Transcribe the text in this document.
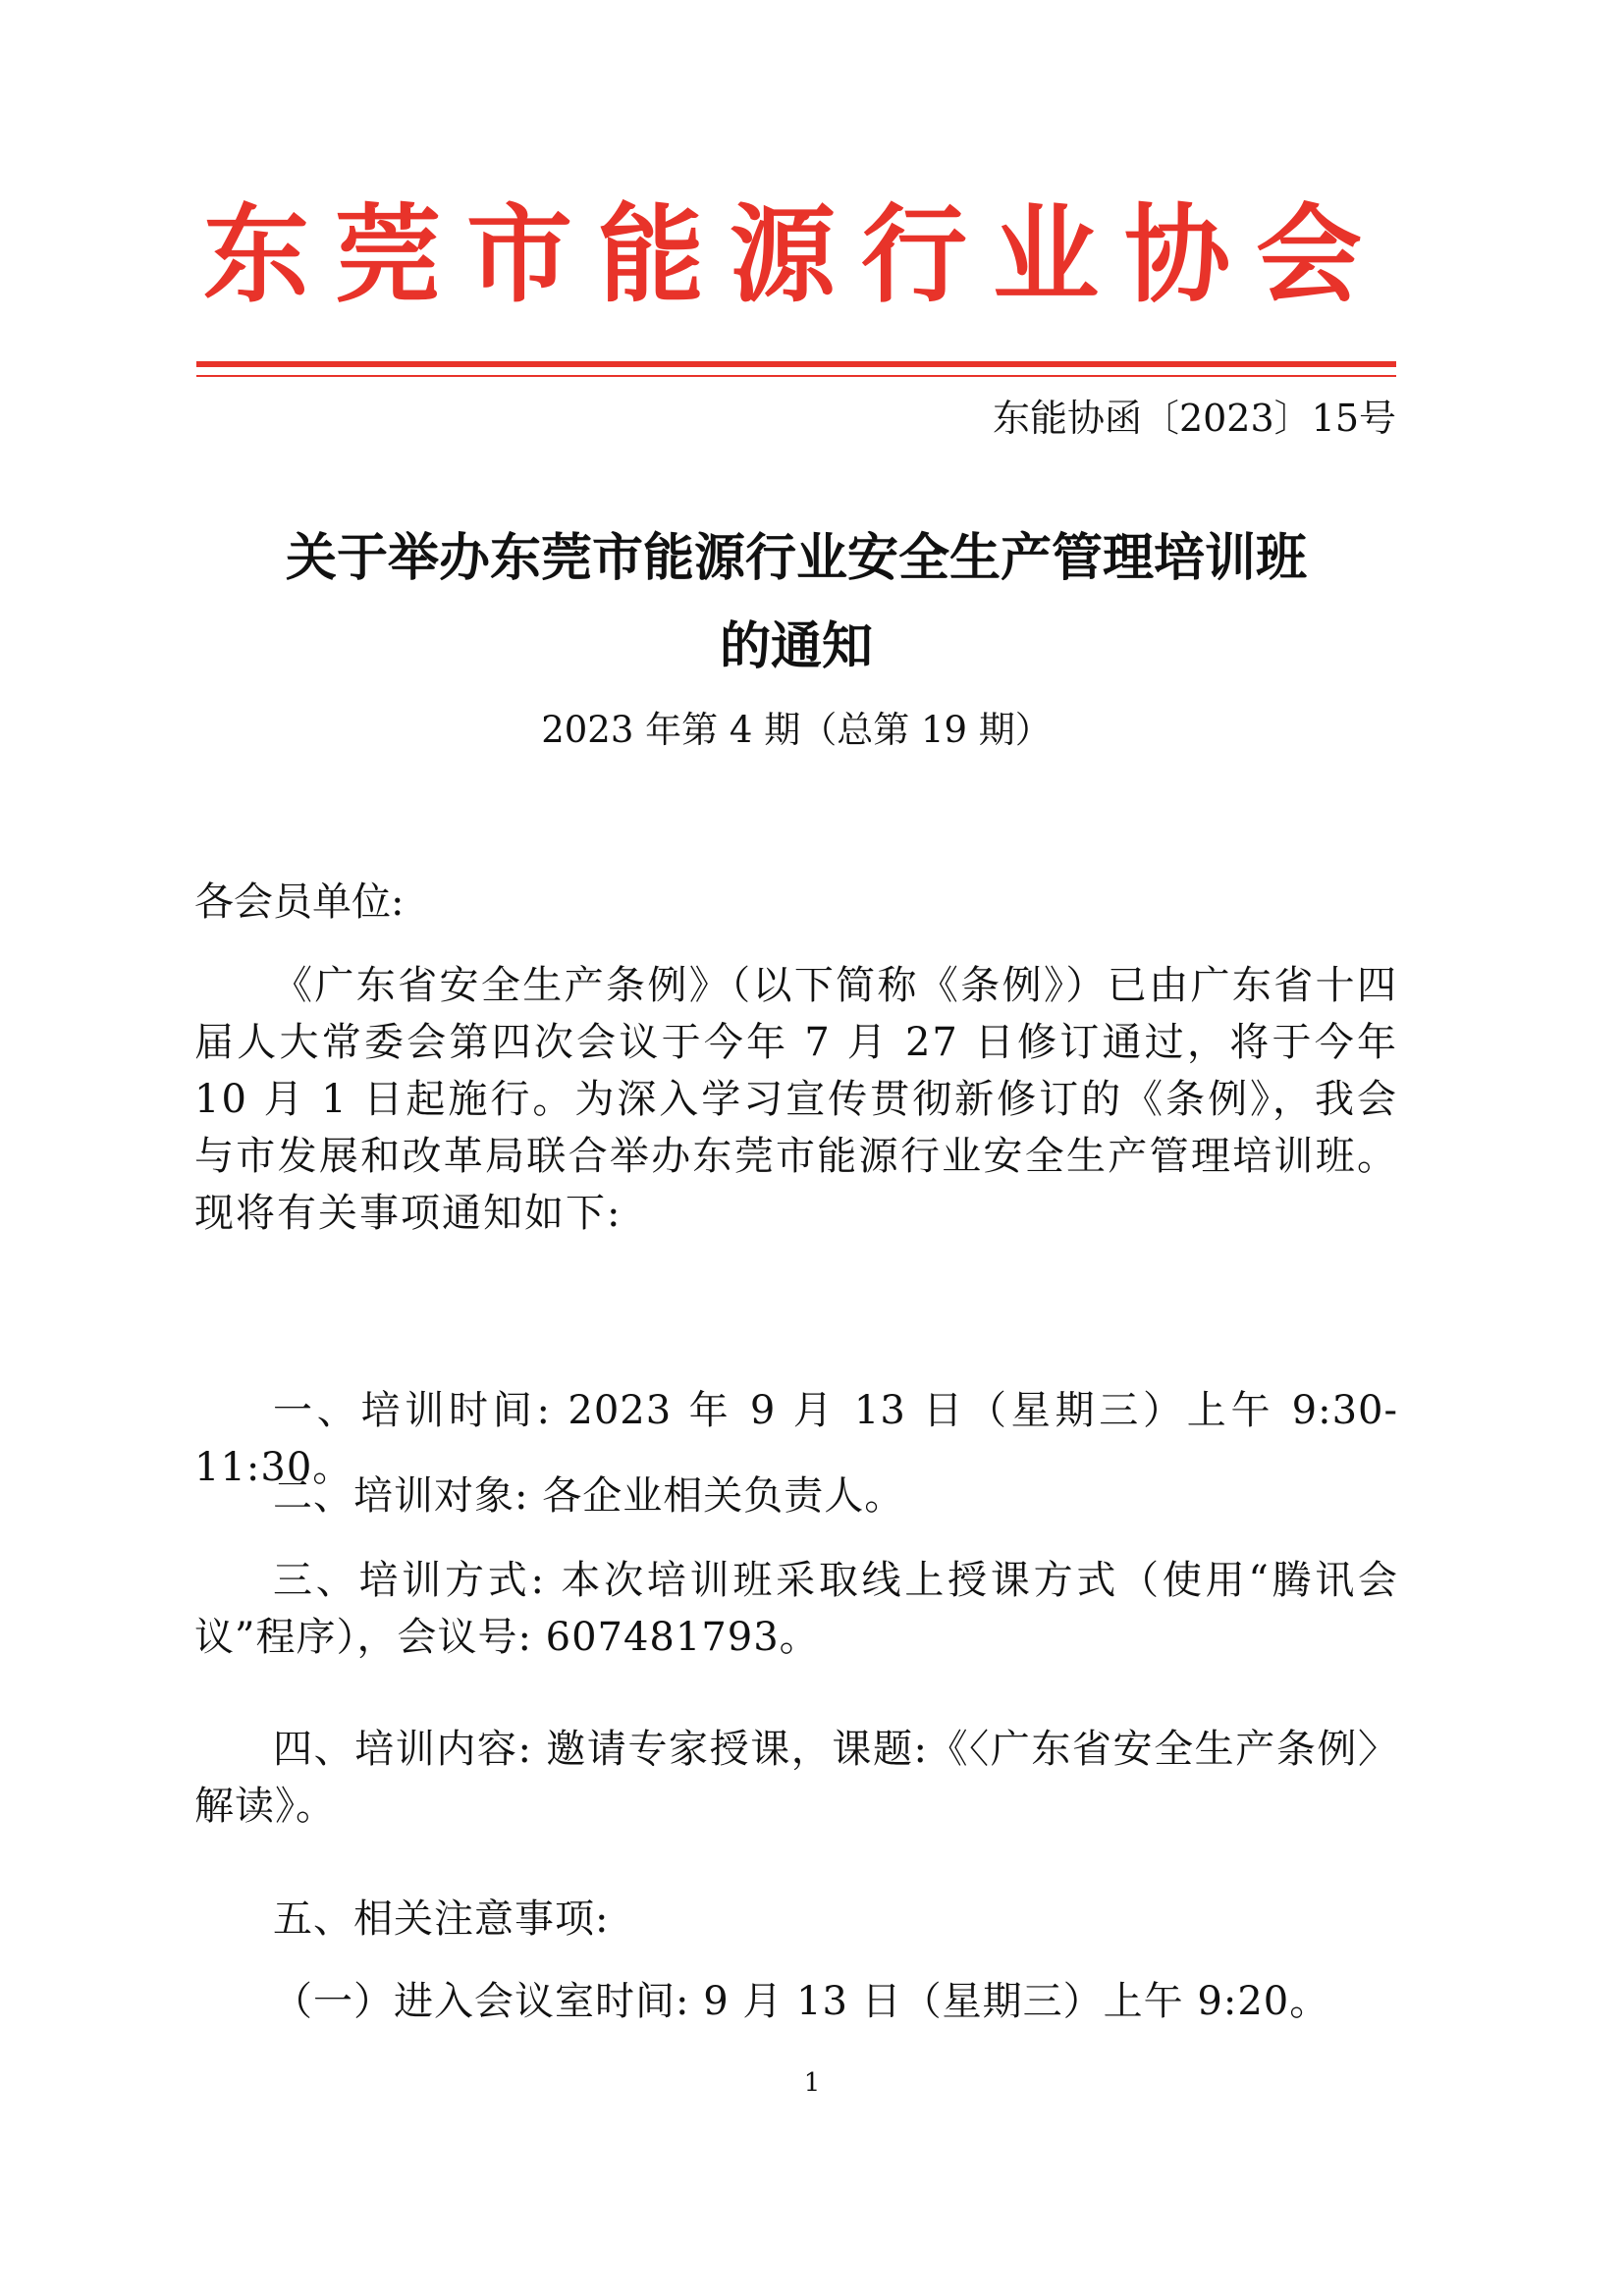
东莞市能源行业协会
东能协函〔2023〕15号
关于举办东莞市能源行业安全生产管理培训班
的通知
2023 年第 4 期（总第 19 期）
各会员单位:
《广东省安全生产条例》（以下简称《条例》）已由广东省十四届人大常委会第四次会议于今年 7 月 27 日修订通过，将于今年 10 月 1 日起施行。为深入学习宣传贯彻新修订的《条例》，我会与市发展和改革局联合举办东莞市能源行业安全生产管理培训班。现将有关事项通知如下:
一、培训时间: 2023 年 9 月 13 日（星期三）上午 9:30-11:30。
二、培训对象: 各企业相关负责人。
三、培训方式: 本次培训班采取线上授课方式（使用“腾讯会议”程序），会议号: 607481793。
四、培训内容: 邀请专家授课，课题:《〈广东省安全生产条例〉解读》。
五、相关注意事项:
（一）进入会议室时间: 9 月 13 日（星期三）上午 9:20。
1
